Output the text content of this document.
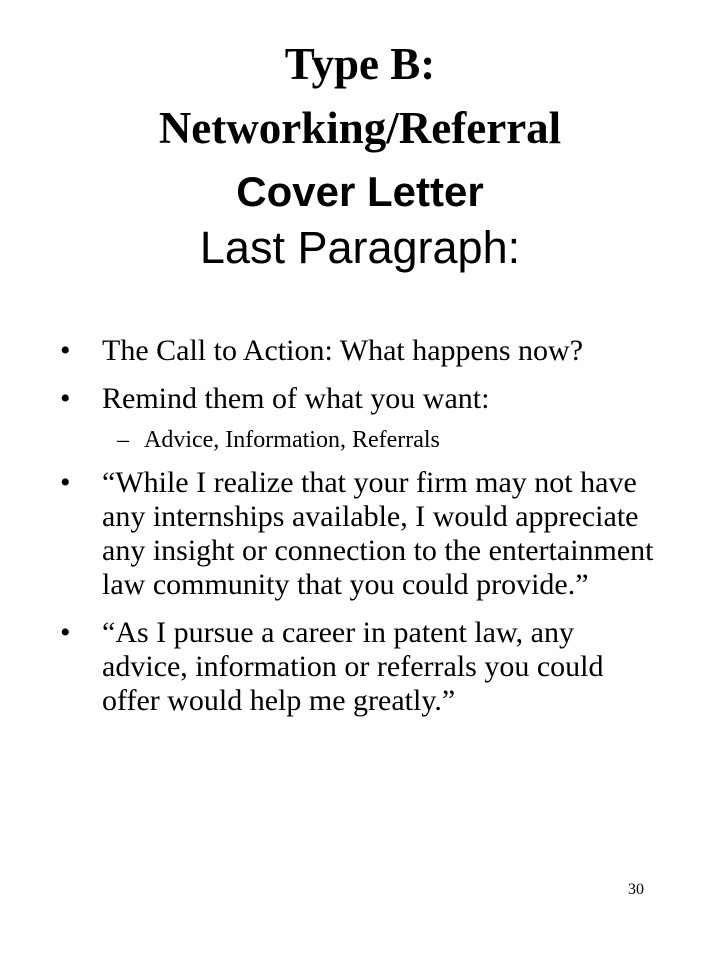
Type B:
Networking/Referral
Cover Letter
Last Paragraph:
• The Call to Action: What happens now?
• Remind them of what you want:
– Advice, Information, Referrals
• “While I realize that your firm may not have any internships available, I would appreciate any insight or connection to the entertainment law community that you could provide.”
• “As I pursue a career in patent law, any advice, information or referrals you could offer would help me greatly.”
30
